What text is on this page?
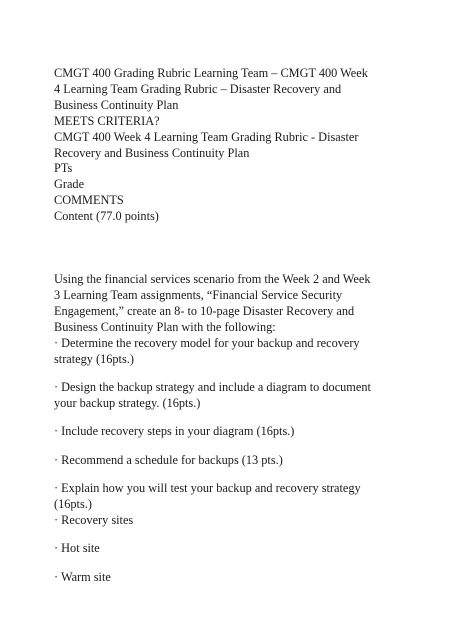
CMGT 400 Grading Rubric Learning Team – CMGT 400 Week
4 Learning Team Grading Rubric – Disaster Recovery and
Business Continuity Plan
MEETS CRITERIA?
CMGT 400 Week 4 Learning Team Grading Rubric - Disaster
Recovery and Business Continuity Plan
PTs
Grade
COMMENTS
Content (77.0 points)
Using the financial services scenario from the Week 2 and Week
3 Learning Team assignments, “Financial Service Security
Engagement,” create an 8- to 10-page Disaster Recovery and
Business Continuity Plan with the following:
· Determine the recovery model for your backup and recovery
strategy (16pts.)
· Design the backup strategy and include a diagram to document
your backup strategy. (16pts.)
· Include recovery steps in your diagram (16pts.)
· Recommend a schedule for backups (13 pts.)
· Explain how you will test your backup and recovery strategy
(16pts.)
· Recovery sites
· Hot site
· Warm site
